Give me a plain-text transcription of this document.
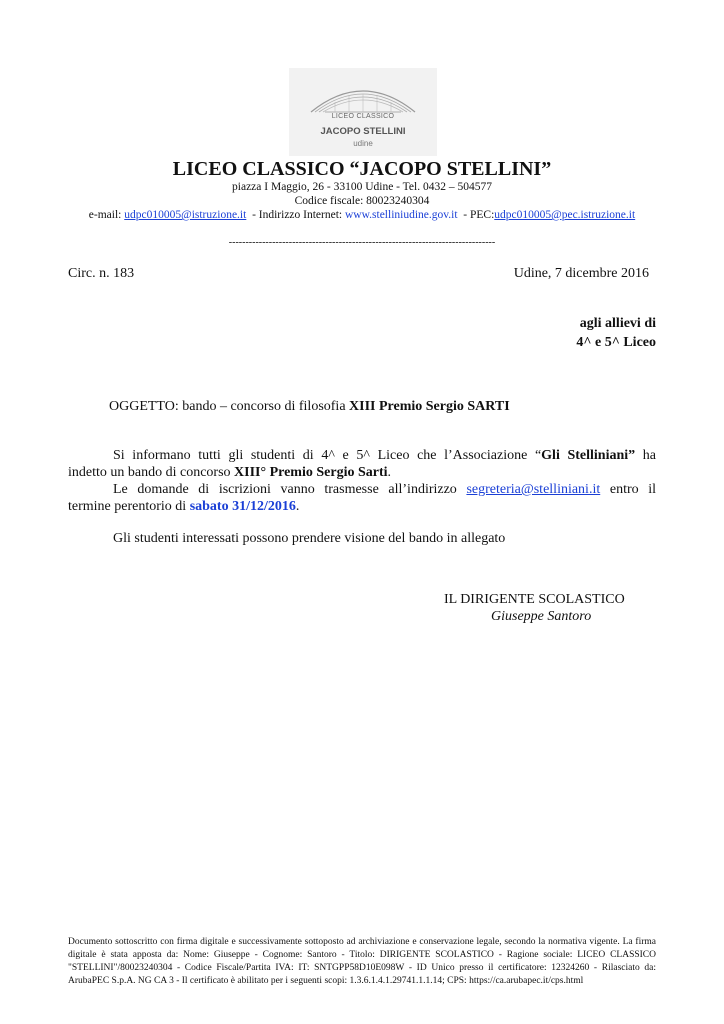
LICEO CLASSICO
JACOPO STELLINI
udine
LICEO CLASSICO “JACOPO STELLINI”
piazza I Maggio, 26 - 33100 Udine - Tel. 0432 – 504577
Codice fiscale: 80023240304
e-mail: udpc010005@istruzione.it  - Indirizzo Internet: www.stelliniudine.gov.it  - PEC:udpc010005@pec.istruzione.it
--------------------------------------------------------------------------------
Circ. n. 183	Udine, 7 dicembre 2016
agli allievi di
4^ e 5^ Liceo
OGGETTO: bando – concorso di filosofia XIII Premio Sergio SARTI
Si informano tutti gli studenti di 4^ e 5^ Liceo che l’Associazione “Gli Stelliniani” ha
indetto un bando di concorso XIII° Premio Sergio Sarti.
Le domande di iscrizioni vanno trasmesse all’indirizzo segreteria@stelliniani.it entro il
termine perentorio di sabato 31/12/2016.
Gli studenti interessati possono prendere visione del bando in allegato
IL DIRIGENTE SCOLASTICO
Giuseppe Santoro
Documento sottoscritto con firma digitale e successivamente sottoposto ad archiviazione e conservazione legale, secondo la normativa vigente. La firma digitale è stata apposta da: Nome: Giuseppe - Cognome: Santoro - Titolo: DIRIGENTE SCOLASTICO - Ragione sociale: LICEO CLASSICO "STELLINI"/80023240304 - Codice Fiscale/Partita IVA: IT: SNTGPP58D10E098W - ID Unico presso il certificatore: 12324260 - Rilasciato da: ArubaPEC S.p.A. NG CA 3 - Il certificato è abilitato per i seguenti scopi: 1.3.6.1.4.1.29741.1.1.14; CPS: https://ca.arubapec.it/cps.html
